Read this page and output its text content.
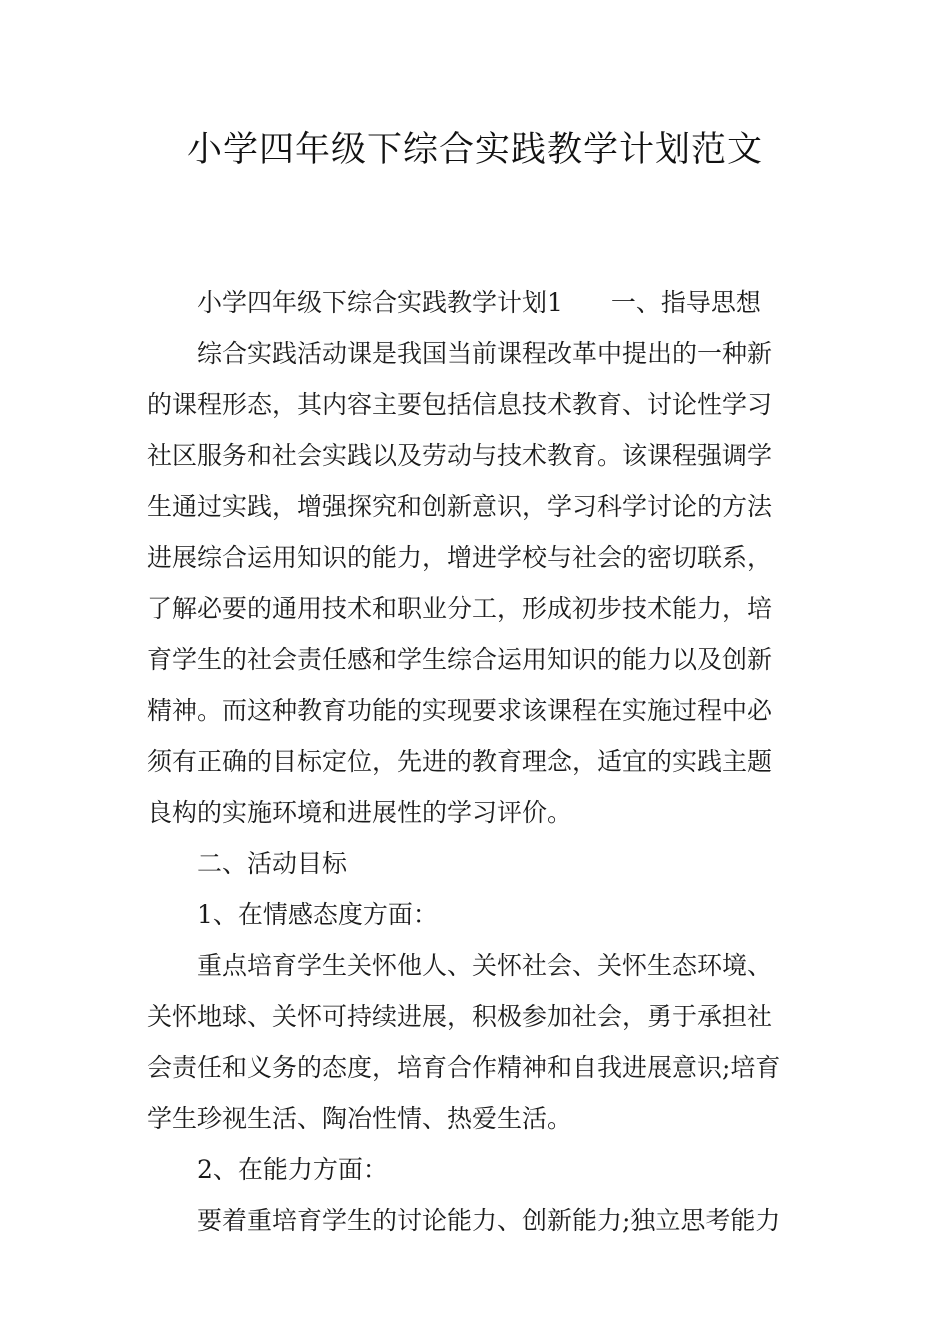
小学四年级下综合实践教学计划范文
小学四年级下综合实践教学计划1 一、指导思想
综合实践活动课是我国当前课程改革中提出的一种新
的课程形态，其内容主要包括信息技术教育、讨论性学习
社区服务和社会实践以及劳动与技术教育。该课程强调学
生通过实践，增强探究和创新意识，学习科学讨论的方法
进展综合运用知识的能力，增进学校与社会的密切联系，
了解必要的通用技术和职业分工，形成初步技术能力，培
育学生的社会责任感和学生综合运用知识的能力以及创新
精神。而这种教育功能的实现要求该课程在实施过程中必
须有正确的目标定位，先进的教育理念，适宜的实践主题
良构的实施环境和进展性的学习评价。
二、活动目标
1、在情感态度方面：
重点培育学生关怀他人、关怀社会、关怀生态环境、
关怀地球、关怀可持续进展，积极参加社会，勇于承担社
会责任和义务的态度，培育合作精神和自我进展意识;培育
学生珍视生活、陶冶性情、热爱生活。
2、在能力方面：
要着重培育学生的讨论能力、创新能力;独立思考能力
